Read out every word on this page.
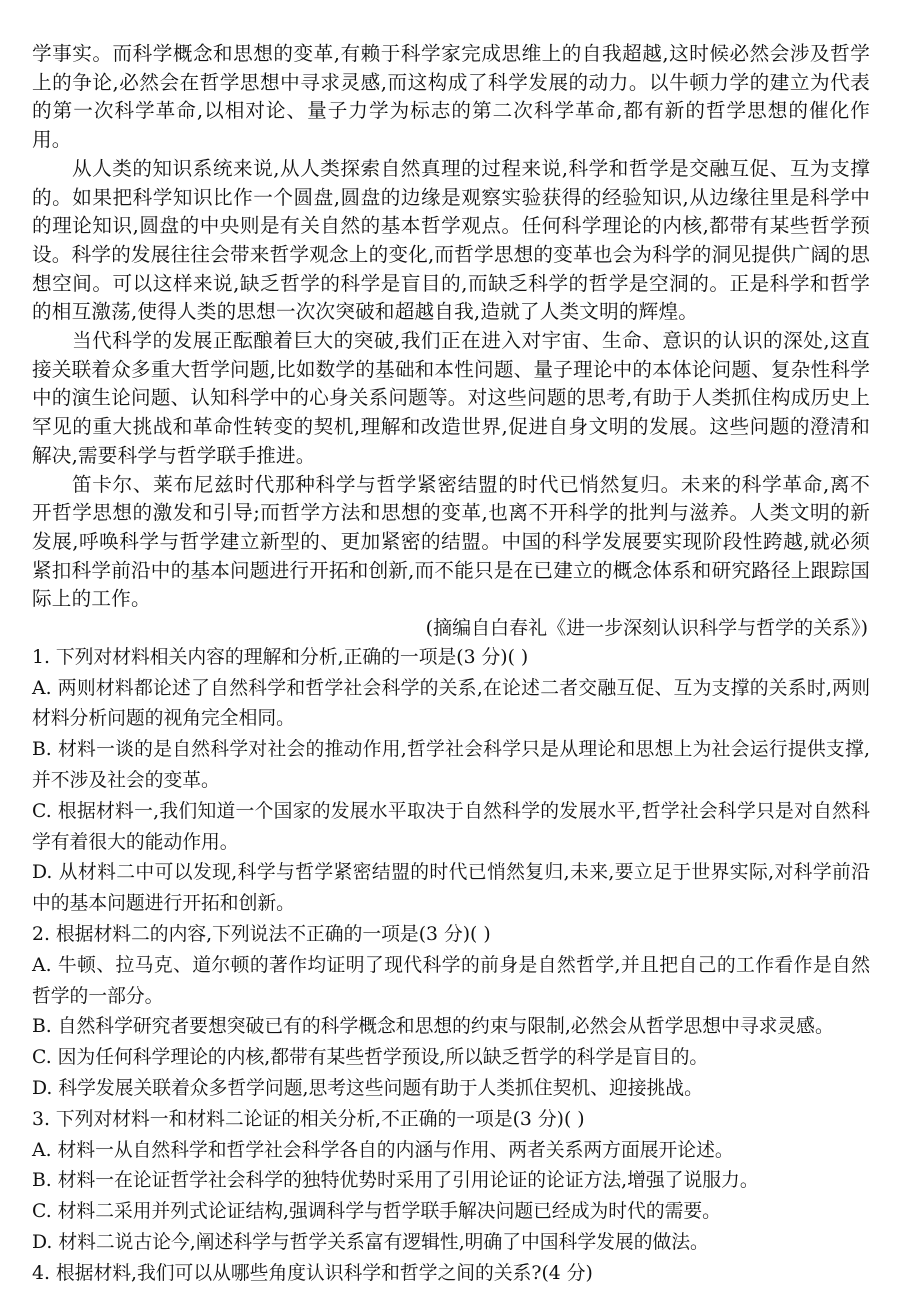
学事实。而科学概念和思想的变革,有赖于科学家完成思维上的自我超越,这时候必然会涉及哲学上的争论,必然会在哲学思想中寻求灵感,而这构成了科学发展的动力。以牛顿力学的建立为代表的第一次科学革命,以相对论、量子力学为标志的第二次科学革命,都有新的哲学思想的催化作用。

从人类的知识系统来说,从人类探索自然真理的过程来说,科学和哲学是交融互促、互为支撑的。如果把科学知识比作一个圆盘,圆盘的边缘是观察实验获得的经验知识,从边缘往里是科学中的理论知识,圆盘的中央则是有关自然的基本哲学观点。任何科学理论的内核,都带有某些哲学预设。科学的发展往往会带来哲学观念上的变化,而哲学思想的变革也会为科学的洞见提供广阔的思想空间。可以这样来说,缺乏哲学的科学是盲目的,而缺乏科学的哲学是空洞的。正是科学和哲学的相互激荡,使得人类的思想一次次突破和超越自我,造就了人类文明的辉煌。

当代科学的发展正酝酿着巨大的突破,我们正在进入对宇宙、生命、意识的认识的深处,这直接关联着众多重大哲学问题,比如数学的基础和本性问题、量子理论中的本体论问题、复杂性科学中的演生论问题、认知科学中的心身关系问题等。对这些问题的思考,有助于人类抓住构成历史上罕见的重大挑战和革命性转变的契机,理解和改造世界,促进自身文明的发展。这些问题的澄清和解决,需要科学与哲学联手推进。

笛卡尔、莱布尼兹时代那种科学与哲学紧密结盟的时代已悄然复归。未来的科学革命,离不开哲学思想的激发和引导;而哲学方法和思想的变革,也离不开科学的批判与滋养。人类文明的新发展,呼唤科学与哲学建立新型的、更加紧密的结盟。中国的科学发展要实现阶段性跨越,就必须紧扣科学前沿中的基本问题进行开拓和创新,而不能只是在已建立的概念体系和研究路径上跟踪国际上的工作。

(摘编自白春礼《进一步深刻认识科学与哲学的关系》)

1. 下列对材料相关内容的理解和分析,正确的一项是(3 分)( )

A. 两则材料都论述了自然科学和哲学社会科学的关系,在论述二者交融互促、互为支撑的关系时,两则材料分析问题的视角完全相同。

B. 材料一谈的是自然科学对社会的推动作用,哲学社会科学只是从理论和思想上为社会运行提供支撑,并不涉及社会的变革。

C. 根据材料一,我们知道一个国家的发展水平取决于自然科学的发展水平,哲学社会科学只是对自然科学有着很大的能动作用。

D. 从材料二中可以发现,科学与哲学紧密结盟的时代已悄然复归,未来,要立足于世界实际,对科学前沿中的基本问题进行开拓和创新。

2. 根据材料二的内容,下列说法不正确的一项是(3 分)( )

A. 牛顿、拉马克、道尔顿的著作均证明了现代科学的前身是自然哲学,并且把自己的工作看作是自然哲学的一部分。

B. 自然科学研究者要想突破已有的科学概念和思想的约束与限制,必然会从哲学思想中寻求灵感。

C. 因为任何科学理论的内核,都带有某些哲学预设,所以缺乏哲学的科学是盲目的。

D. 科学发展关联着众多哲学问题,思考这些问题有助于人类抓住契机、迎接挑战。

3. 下列对材料一和材料二论证的相关分析,不正确的一项是(3 分)( )

A. 材料一从自然科学和哲学社会科学各自的内涵与作用、两者关系两方面展开论述。

B. 材料一在论证哲学社会科学的独特优势时采用了引用论证的论证方法,增强了说服力。

C. 材料二采用并列式论证结构,强调科学与哲学联手解决问题已经成为时代的需要。

D. 材料二说古论今,阐述科学与哲学关系富有逻辑性,明确了中国科学发展的做法。

4. 根据材料,我们可以从哪些角度认识科学和哲学之间的关系?(4 分)
